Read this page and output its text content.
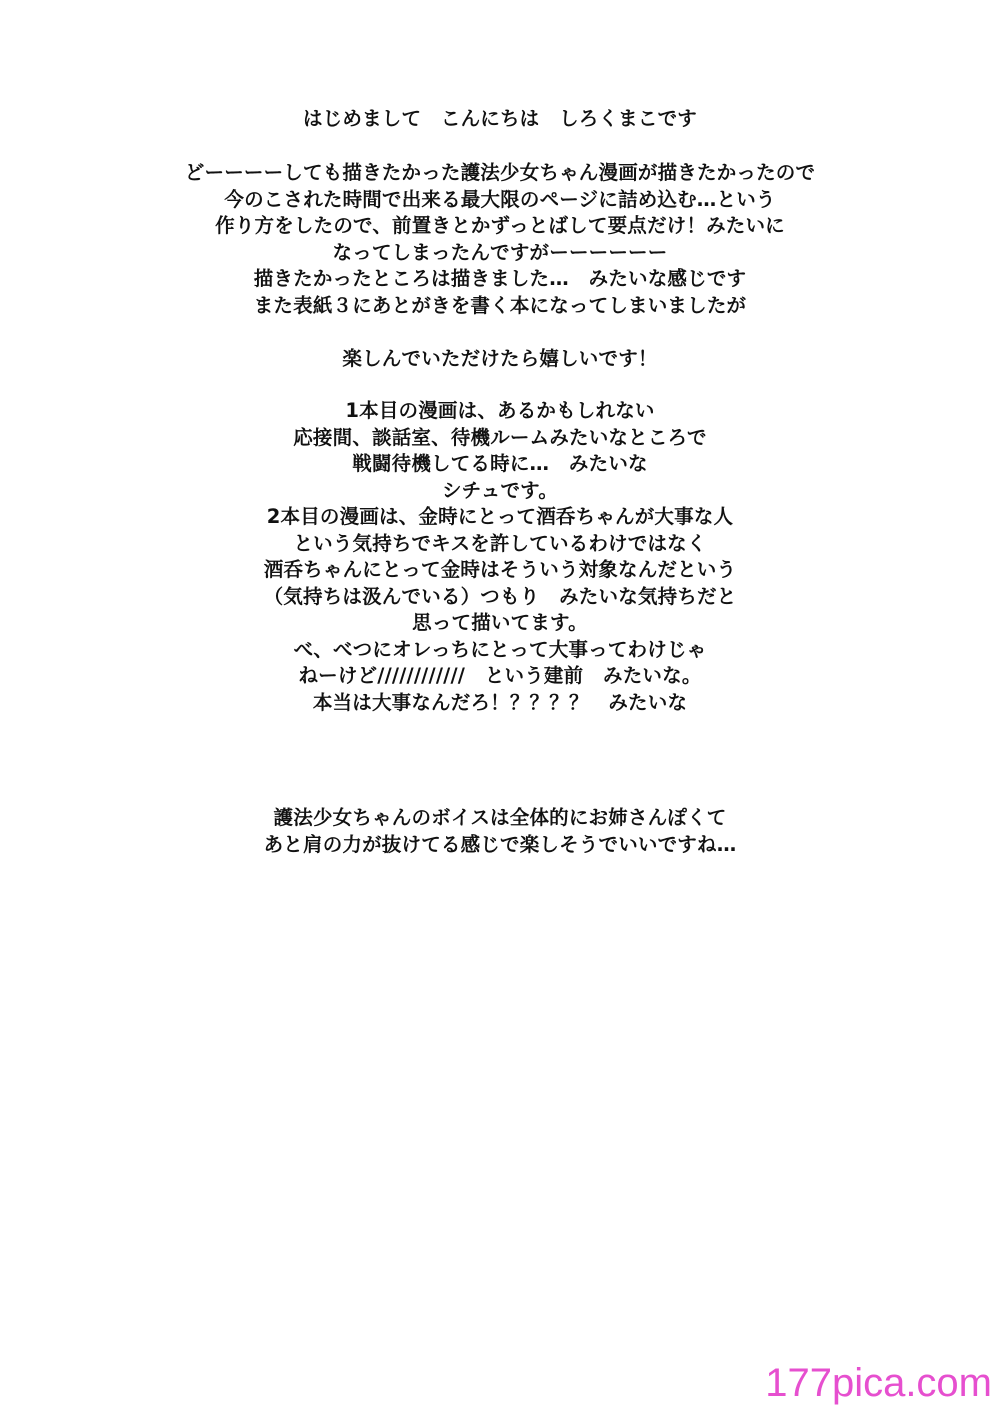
はじめまして　こんにちは　しろくまこです
どーーーーしても描きたかった護法少女ちゃん漫画が描きたかったので
今のこされた時間で出来る最大限のページに詰め込む…という
作り方をしたので、前置きとかずっとばして要点だけ！みたいに
なってしまったんですがーーーーーー
描きたかったところは描きました…　みたいな感じです
また表紙３にあとがきを書く本になってしまいましたが
楽しんでいただけたら嬉しいです！
1本目の漫画は、あるかもしれない
応接間、談話室、待機ルームみたいなところで
戦闘待機してる時に…　みたいな
シチュです。
2本目の漫画は、金時にとって酒呑ちゃんが大事な人
という気持ちでキスを許しているわけではなく
酒呑ちゃんにとって金時はそういう対象なんだという
（気持ちは汲んでいる）つもり　みたいな気持ちだと
思って描いてます。
べ、べつにオレっちにとって大事ってわけじゃ
ねーけど////////////　という建前　みたいな。
本当は大事なんだろ！？？？？　みたいな
護法少女ちゃんのボイスは全体的にお姉さんぽくて
あと肩の力が抜けてる感じで楽しそうでいいですね…
177pica.com
